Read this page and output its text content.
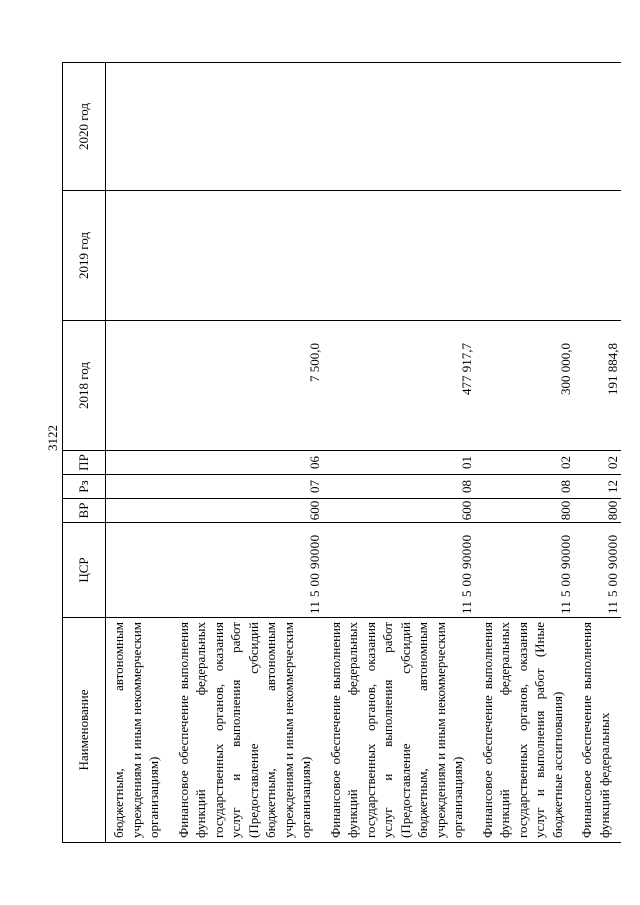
3122
Наименование	ЦСР	ВР	Рз	ПР	2018 год	2019 год	2020 год
бюджетным, автономным учреждениям и иным некоммерческим организациям)							
Финансовое обеспечение выполнения функций федеральных государственных органов, оказания услуг и выполнения работ (Предоставление субсидий бюджетным, автономным учреждениям и иным некоммерческим организациям)	11 5 00 90000	600	07	06	7 500,0		
Финансовое обеспечение выполнения функций федеральных государственных органов, оказания услуг и выполнения работ (Предоставление субсидий бюджетным, автономным учреждениям и иным некоммерческим организациям)	11 5 00 90000	600	08	01	477 917,7		
Финансовое обеспечение выполнения функций федеральных государственных органов, оказания услуг и выполнения работ (Иные бюджетные ассигнования)	11 5 00 90000	800	08	02	300 000,0		
Финансовое обеспечение выполнения функций федеральных	11 5 00 90000	800	12	02	191 884,8		
